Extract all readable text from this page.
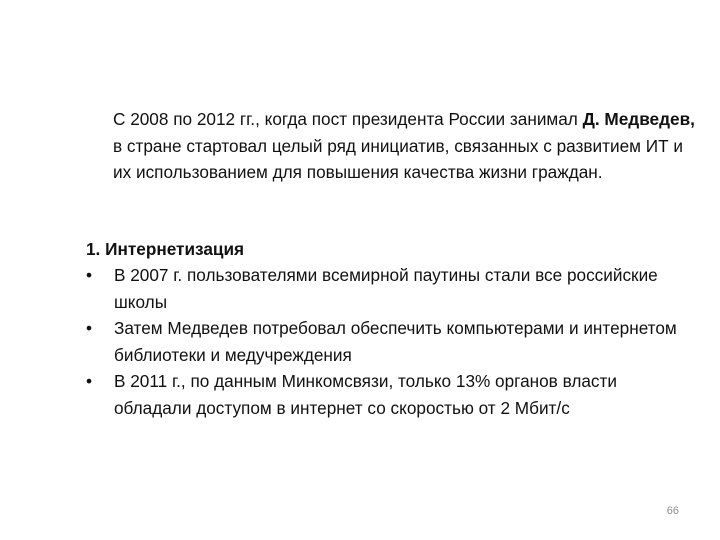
С 2008 по 2012 гг., когда пост президента России занимал Д. Медведев, в стране стартовал целый ряд инициатив, связанных с развитием ИТ и их использованием для повышения качества жизни граждан.

1. Интернетизация

•	В 2007 г. пользователями всемирной паутины стали все российские школы
•	Затем Медведев потребовал обеспечить компьютерами и интернетом библиотеки и медучреждения
•	В 2011 г., по данным Минкомсвязи, только 13% органов власти обладали доступом в интернет со скоростью от 2 Мбит/с
66
